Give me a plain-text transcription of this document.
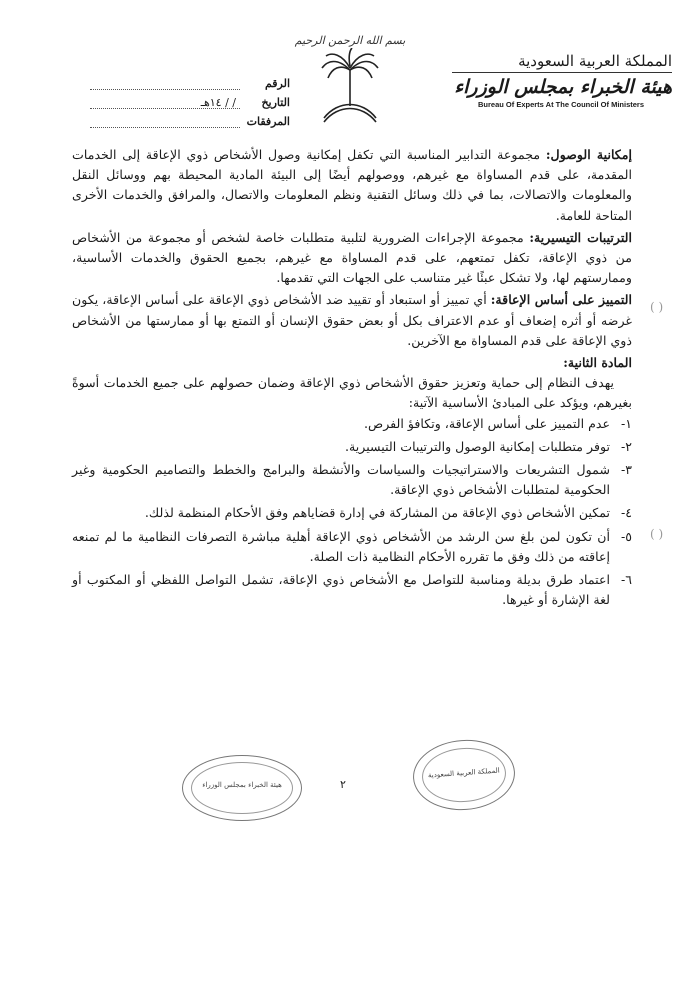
بسم الله الرحمن الرحيم
المملكة العربية السعودية
هيئة الخبراء بمجلس الوزراء
Bureau Of Experts At The Council Of Ministers
الرقم
التاريخ
/ / ١٤هـ
المرفقات

إمكانية الوصول: مجموعة التدابير المناسبة التي تكفل إمكانية وصول الأشخاص ذوي الإعاقة إلى الخدمات المقدمة، على قدم المساواة مع غيرهم، ووصولهم أيضًا إلى البيئة المادية المحيطة بهم ووسائل النقل والمعلومات والاتصالات، بما في ذلك وسائل التقنية ونظم المعلومات والاتصال، والمرافق والخدمات الأخرى المتاحة للعامة.

الترتيبات التيسيرية: مجموعة الإجراءات الضرورية لتلبية متطلبات خاصة لشخص أو مجموعة من الأشخاص من ذوي الإعاقة، تكفل تمتعهم، على قدم المساواة مع غيرهم، بجميع الحقوق والخدمات الأساسية، وممارستهم لها، ولا تشكل عبئًا غير متناسب على الجهات التي تقدمها.

التمييز على أساس الإعاقة: أي تمييز أو استبعاد أو تقييد ضد الأشخاص ذوي الإعاقة على أساس الإعاقة، يكون غرضه أو أثره إضعاف أو عدم الاعتراف بكل أو بعض حقوق الإنسان أو التمتع بها أو ممارستها من الأشخاص ذوي الإعاقة على قدم المساواة مع الآخرين.

المادة الثانية:

يهدف النظام إلى حماية وتعزيز حقوق الأشخاص ذوي الإعاقة وضمان حصولهم على جميع الخدمات أسوةً بغيرهم، ويؤكد على المبادئ الأساسية الآتية:

١-
عدم التمييز على أساس الإعاقة، وتكافؤ الفرص.
٢-
توفر متطلبات إمكانية الوصول والترتيبات التيسيرية.
٣-
شمول التشريعات والاستراتيجيات والسياسات والأنشطة والبرامج والخطط والتصاميم الحكومية وغير الحكومية لمتطلبات الأشخاص ذوي الإعاقة.
٤-
تمكين الأشخاص ذوي الإعاقة من المشاركة في إدارة قضاياهم وفق الأحكام المنظمة لذلك.
٥-
أن تكون لمن بلغ سن الرشد من الأشخاص ذوي الإعاقة أهلية مباشرة التصرفات النظامية ما لم تمنعه إعاقته من ذلك وفق ما تقرره الأحكام النظامية ذات الصلة.
٦-
اعتماد طرق بديلة ومناسبة للتواصل مع الأشخاص ذوي الإعاقة، تشمل التواصل اللفظي أو المكتوب أو لغة الإشارة أو غيرها.
( )
( )
٢
هيئة الخبراء بمجلس الوزراء
المملكة العربية السعودية
